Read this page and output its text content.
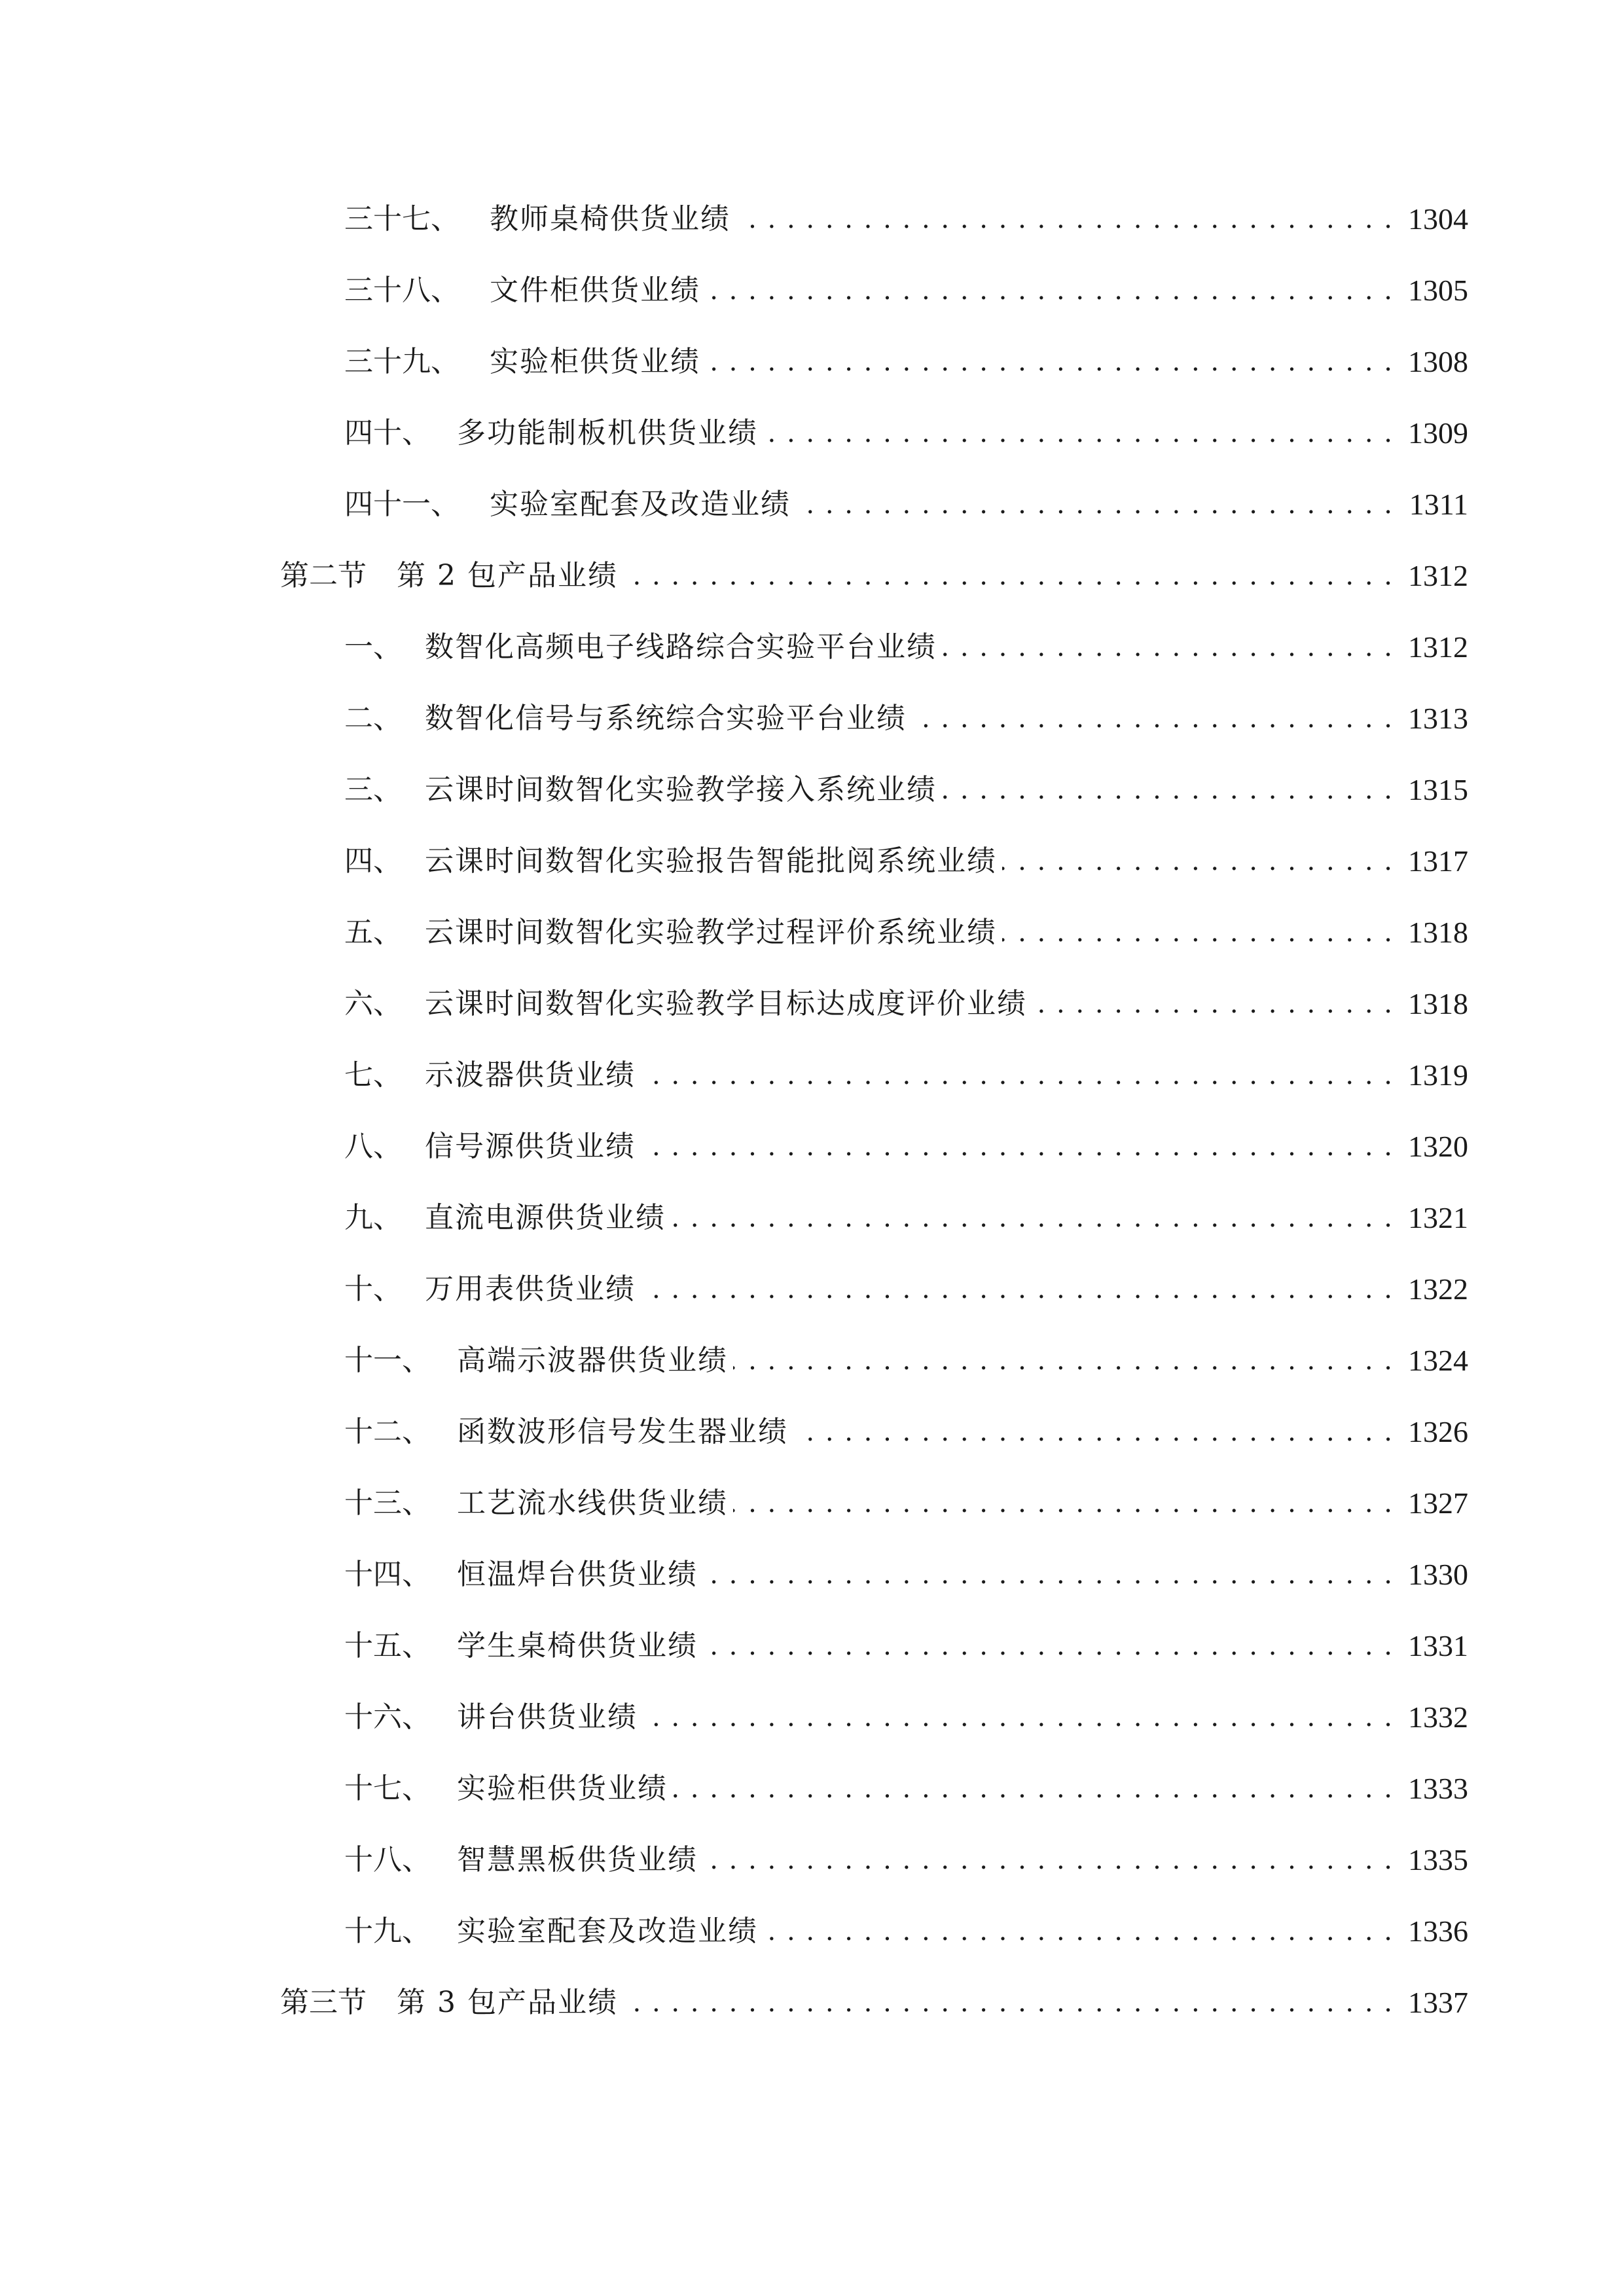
三十七、	教师桌椅供货业绩 . . .	1304
三十八、	文件柜供货业绩 . . .	1305
三十九、	实验柜供货业绩 . . .	1308
四十、 多功能制板机供货业绩 . . .	1309
四十一、	实验室配套及改造业绩 . . .	1311
第二节	第 2 包产品业绩 . . .	1312
一、 数智化高频电子线路综合实验平台业绩 . . .	1312
二、 数智化信号与系统综合实验平台业绩 . . .	1313
三、 云课时间数智化实验教学接入系统业绩 . . .	1315
四、 云课时间数智化实验报告智能批阅系统业绩 . . .	1317
五、 云课时间数智化实验教学过程评价系统业绩 . . .	1318
六、 云课时间数智化实验教学目标达成度评价业绩 . . .	1318
七、 示波器供货业绩 . . .	1319
八、 信号源供货业绩 . . .	1320
九、 直流电源供货业绩 . . .	1321
十、 万用表供货业绩 . . .	1322
十一、 高端示波器供货业绩 . . .	1324
十二、 函数波形信号发生器业绩 . . .	1326
十三、 工艺流水线供货业绩 . . .	1327
十四、 恒温焊台供货业绩 . . .	1330
十五、 学生桌椅供货业绩 . . .	1331
十六、 讲台供货业绩 . . .	1332
十七、 实验柜供货业绩 . . .	1333
十八、 智慧黑板供货业绩 . . .	1335
十九、 实验室配套及改造业绩 . . .	1336
第三节	第 3 包产品业绩 . . .	1337
